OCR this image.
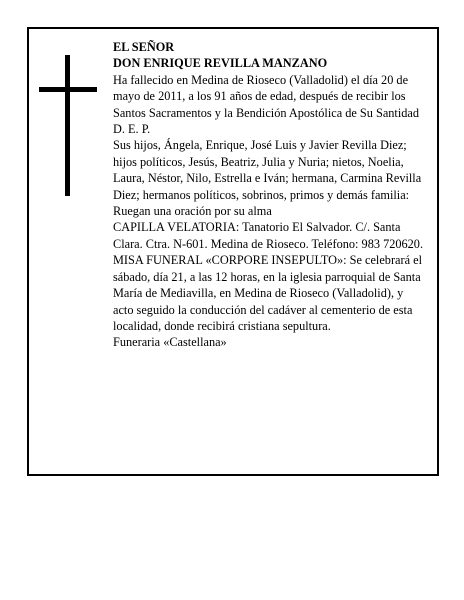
EL SEÑOR

DON ENRIQUE REVILLA MANZANO

Ha fallecido en Medina de Rioseco (Valladolid) el día 20 de mayo de 2011, a los 91 años de edad, después de recibir los Santos Sacramentos y la Bendición Apostólica de Su Santidad

D. E. P.

Sus hijos, Ángela, Enrique, José Luis y Javier Revilla Diez; hijos políticos, Jesús, Beatriz, Julia y Nuria; nietos, Noelia, Laura, Néstor, Nilo, Estrella e Iván; hermana, Carmina Revilla Diez; hermanos políticos, sobrinos, primos y demás familia:

Ruegan una oración por su alma

CAPILLA VELATORIA: Tanatorio El Salvador. C/. Santa Clara. Ctra. N-601. Medina de Rioseco. Teléfono: 983 720620.

MISA FUNERAL «CORPORE INSEPULTO»: Se celebrará el sábado, día 21, a las 12 horas, en la iglesia parroquial de Santa María de Mediavilla, en Medina de Rioseco (Valladolid), y acto seguido la conducción del cadáver al cementerio de esta localidad, donde recibirá cristiana sepultura.

Funeraria «Castellana»
